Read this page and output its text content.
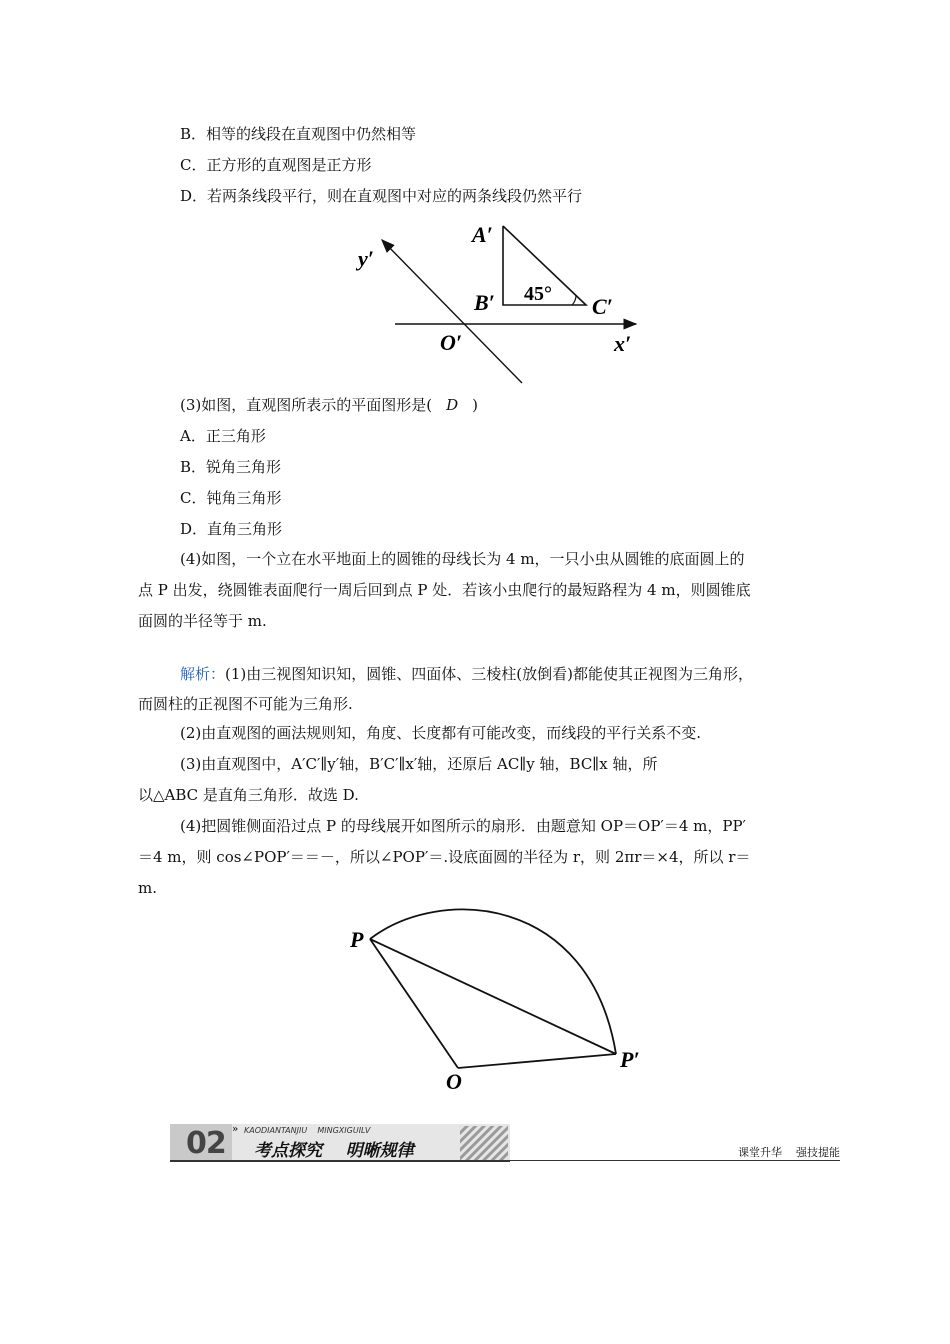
B．相等的线段在直观图中仍然相等
C．正方形的直观图是正方形
D．若两条线段平行，则在直观图中对应的两条线段仍然平行
y′
A′
B′ 45° C′
O′	x′
(3)如图，直观图所表示的平面图形是( D )
A．正三角形
B．锐角三角形
C．钝角三角形
D．直角三角形
(4)如图，一个立在水平地面上的圆锥的母线长为 4 m，一只小虫从圆锥的底面圆上的
点 P 出发，绕圆锥表面爬行一周后回到点 P 处．若该小虫爬行的最短路程为 4 m，则圆锥底
面圆的半径等于 m.
解析：(1)由三视图知识知，圆锥、四面体、三棱柱(放倒看)都能使其正视图为三角形，
而圆柱的正视图不可能为三角形.
(2)由直观图的画法规则知，角度、长度都有可能改变，而线段的平行关系不变.
(3)由直观图中，A′C′∥y′轴，B′C′∥x′轴，还原后 AC∥y 轴，BC∥x 轴，所
以△ABC 是直角三角形．故选 D.
(4)把圆锥侧面沿过点 P 的母线展开如图所示的扇形．由题意知 OP＝OP′＝4 m，PP′
＝4 m，则 cos∠POP′＝＝－，所以∠POP′＝.设底面圆的半径为 r，则 2πr＝×4，所以 r＝
m.
P
O
P′
02 KAODIANTANJIU    MINGXIGUILV
»
考点探究    明晰规律	课堂升华    强技提能
